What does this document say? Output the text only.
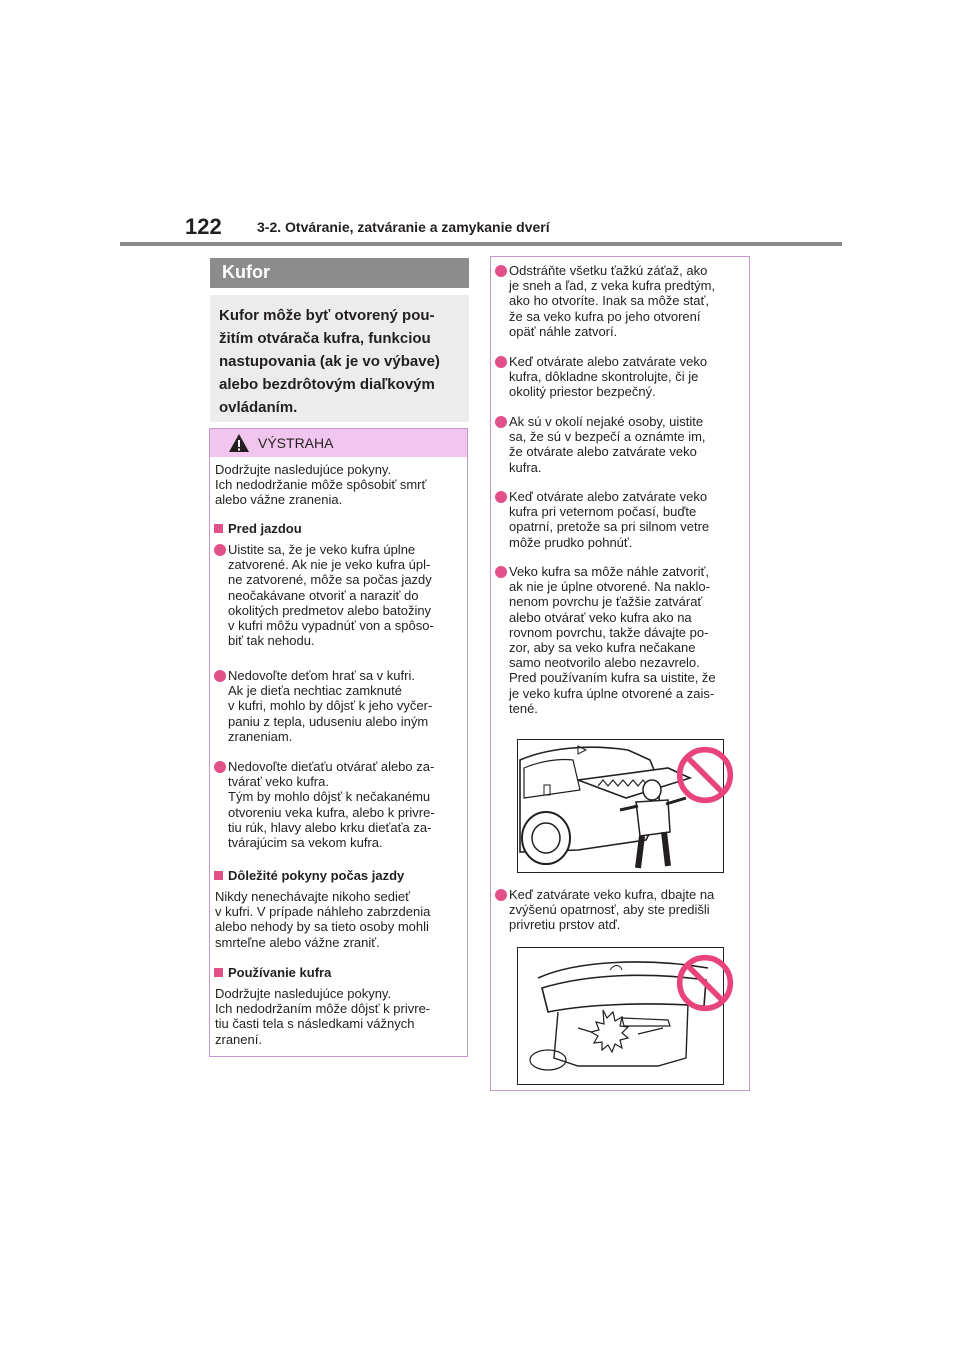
122	3-2. Otváranie, zatváranie a zamykanie dverí
Kufor
Kufor môže byť otvorený pou-
žitím otvárača kufra, funkciou
nastupovania (ak je vo výbave)
alebo bezdrôtovým diaľkovým
ovládaním.
VÝSTRAHA
Dodržujte nasledujúce pokyny.
Ich nedodržanie môže spôsobiť smrť
alebo vážne zranenia.
Pred jazdou
Uistite sa, že je veko kufra úplne
zatvorené. Ak nie je veko kufra úpl-
ne zatvorené, môže sa počas jazdy
neočakávane otvoriť a naraziť do
okolitých predmetov alebo batožiny
v kufri môžu vypadnúť von a spôso-
biť tak nehodu.
Nedovoľte deťom hrať sa v kufri.
Ak je dieťa nechtiac zamknuté
v kufri, mohlo by dôjsť k jeho vyčer-
paniu z tepla, uduseniu alebo iným
zraneniam.
Nedovoľte dieťaťu otvárať alebo za-
tvárať veko kufra.
Tým by mohlo dôjsť k nečakanému
otvoreniu veka kufra, alebo k privre-
tiu rúk, hlavy alebo krku dieťaťa za-
tvárajúcim sa vekom kufra.
Dôležité pokyny počas jazdy
Nikdy nenechávajte nikoho sedieť
v kufri. V prípade náhleho zabrzdenia
alebo nehody by sa tieto osoby mohli
smrteľne alebo vážne zraniť.
Používanie kufra
Dodržujte nasledujúce pokyny.
Ich nedodržaním môže dôjsť k privre-
tiu časti tela s následkami vážnych
zranení.
Odstráňte všetku ťažkú záťaž, ako
je sneh a ľad, z veka kufra predtým,
ako ho otvoríte. Inak sa môže stať,
že sa veko kufra po jeho otvorení
opäť náhle zatvorí.
Keď otvárate alebo zatvárate veko
kufra, dôkladne skontrolujte, či je
okolitý priestor bezpečný.
Ak sú v okolí nejaké osoby, uistite
sa, že sú v bezpečí a oznámte im,
že otvárate alebo zatvárate veko
kufra.
Keď otvárate alebo zatvárate veko
kufra pri veternom počasí, buďte
opatrní, pretože sa pri silnom vetre
môže prudko pohnúť.
Veko kufra sa môže náhle zatvoriť,
ak nie je úplne otvorené. Na naklo-
nenom povrchu je ťažšie zatvárať
alebo otvárať veko kufra ako na
rovnom povrchu, takže dávajte po-
zor, aby sa veko kufra nečakane
samo neotvorilo alebo nezavrelo.
Pred používaním kufra sa uistite, že
je veko kufra úplne otvorené a zais-
tené.
Keď zatvárate veko kufra, dbajte na
zvýšenú opatrnosť, aby ste predišli
privretiu prstov atď.
